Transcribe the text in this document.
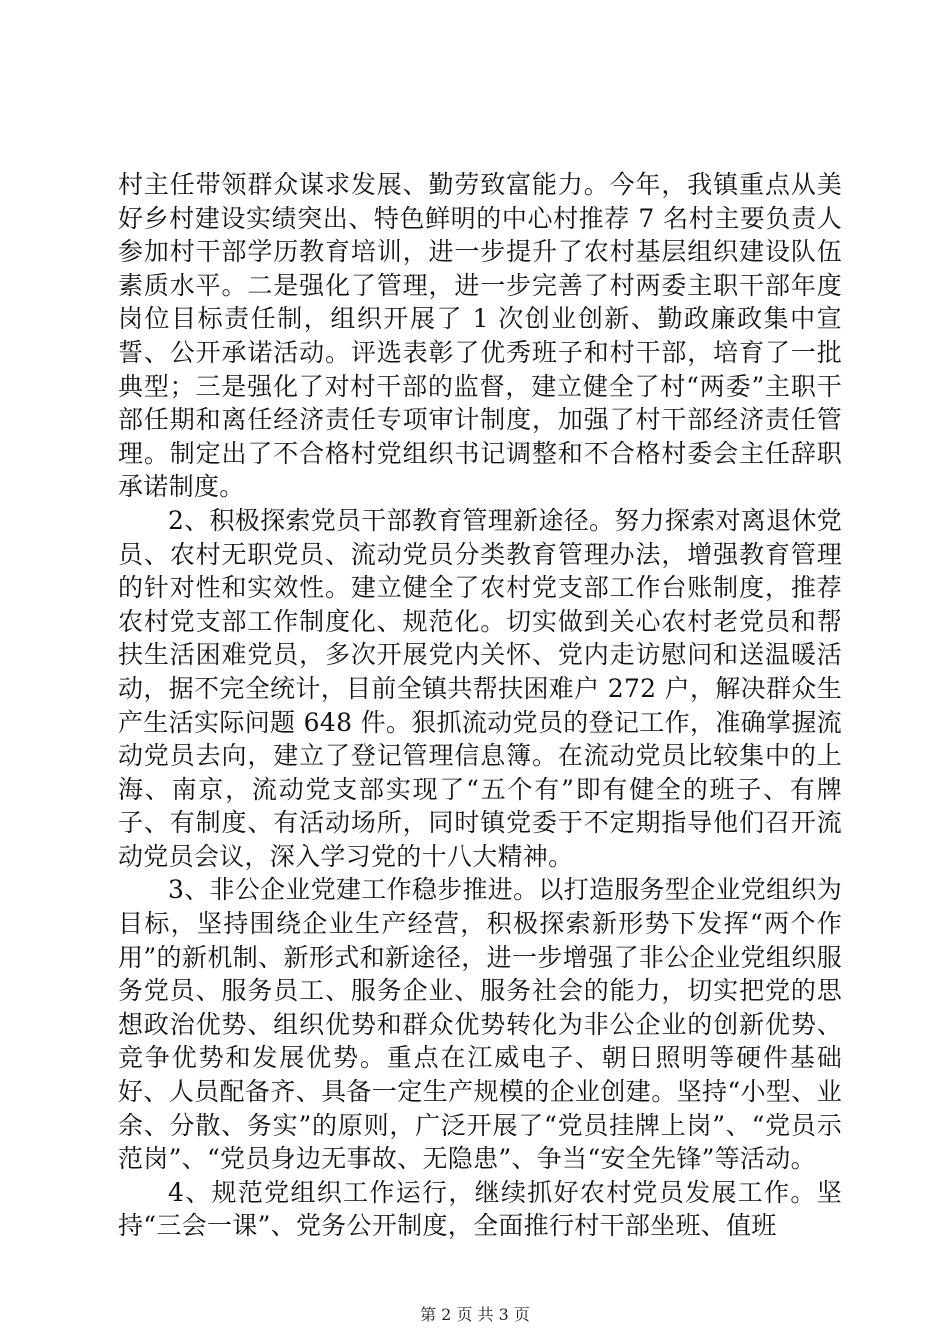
村主任带领群众谋求发展、勤劳致富能力。今年，我镇重点从美好乡村建设实绩突出、特色鲜明的中心村推荐 7 名村主要负责人参加村干部学历教育培训，进一步提升了农村基层组织建设队伍素质水平。二是强化了管理，进一步完善了村两委主职干部年度岗位目标责任制，组织开展了 1 次创业创新、勤政廉政集中宣誓、公开承诺活动。评选表彰了优秀班子和村干部，培育了一批典型；三是强化了对村干部的监督，建立健全了村“两委”主职干部任期和离任经济责任专项审计制度，加强了村干部经济责任管理。制定出了不合格村党组织书记调整和不合格村委会主任辞职承诺制度。

2、积极探索党员干部教育管理新途径。努力探索对离退休党员、农村无职党员、流动党员分类教育管理办法，增强教育管理的针对性和实效性。建立健全了农村党支部工作台账制度，推荐农村党支部工作制度化、规范化。切实做到关心农村老党员和帮扶生活困难党员，多次开展党内关怀、党内走访慰问和送温暖活动，据不完全统计，目前全镇共帮扶困难户 272 户，解决群众生产生活实际问题 648 件。狠抓流动党员的登记工作，准确掌握流动党员去向，建立了登记管理信息簿。在流动党员比较集中的上海、南京，流动党支部实现了“五个有”即有健全的班子、有牌子、有制度、有活动场所，同时镇党委于不定期指导他们召开流动党员会议，深入学习党的十八大精神。

3、非公企业党建工作稳步推进。以打造服务型企业党组织为目标，坚持围绕企业生产经营，积极探索新形势下发挥“两个作用”的新机制、新形式和新途径，进一步增强了非公企业党组织服务党员、服务员工、服务企业、服务社会的能力，切实把党的思想政治优势、组织优势和群众优势转化为非公企业的创新优势、竞争优势和发展优势。重点在江威电子、朝日照明等硬件基础好、人员配备齐、具备一定生产规模的企业创建。坚持“小型、业余、分散、务实”的原则，广泛开展了“党员挂牌上岗”、“党员示范岗”、“党员身边无事故、无隐患”、争当“安全先锋”等活动。

4、规范党组织工作运行，继续抓好农村党员发展工作。坚持“三会一课”、党务公开制度，全面推行村干部坐班、值班

第 2 页 共 3 页
